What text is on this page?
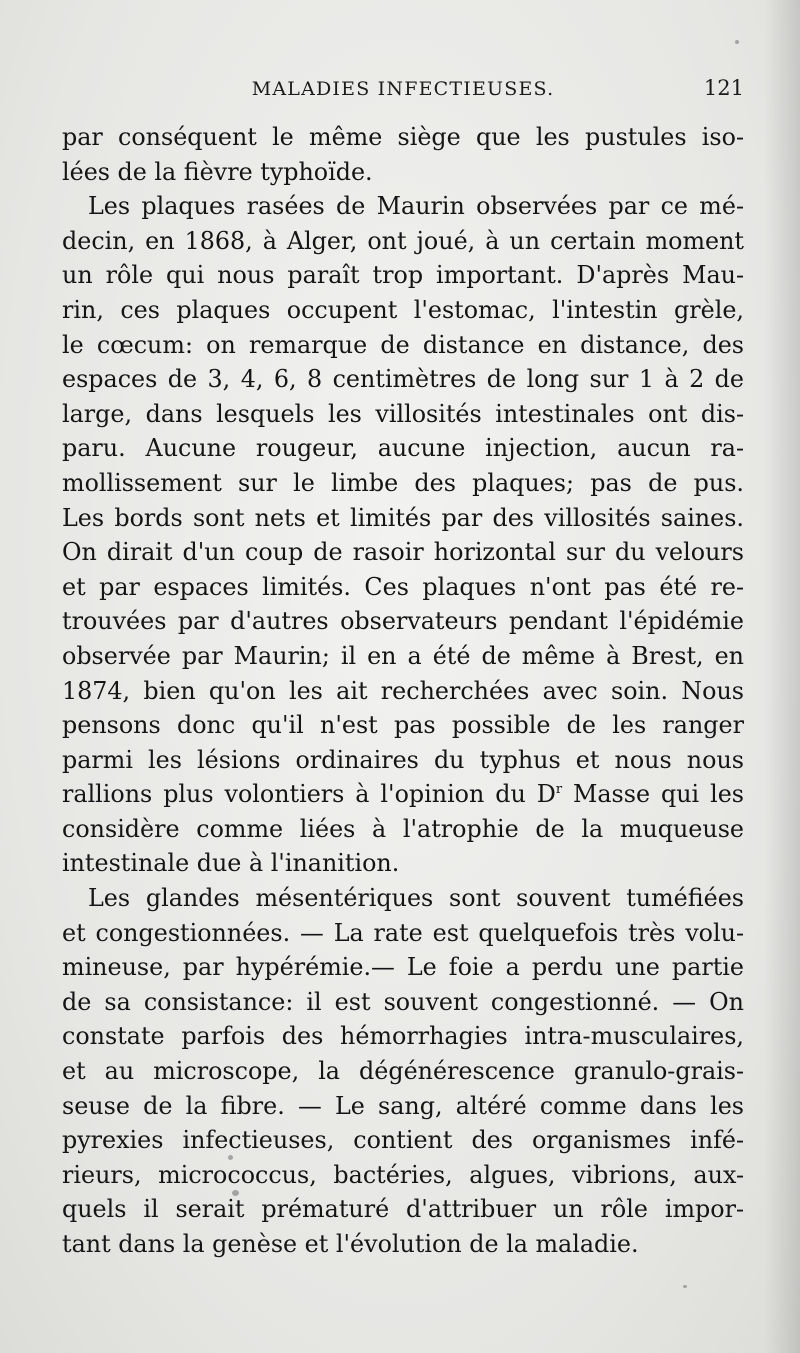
MALADIES INFECTIEUSES.	121
par conséquent le même siège que les pustules iso-
lées de la fièvre typhoïde.
Les plaques rasées de Maurin observées par ce mé-
decin, en 1868, à Alger, ont joué, à un certain moment
un rôle qui nous paraît trop important. D'après Mau-
rin, ces plaques occupent l'estomac, l'intestin grèle,
le cœcum: on remarque de distance en distance, des
espaces de 3, 4, 6, 8 centimètres de long sur 1 à 2 de
large, dans lesquels les villosités intestinales ont dis-
paru. Aucune rougeur, aucune injection, aucun ra-
mollissement sur le limbe des plaques; pas de pus.
Les bords sont nets et limités par des villosités saines.
On dirait d'un coup de rasoir horizontal sur du velours
et par espaces limités. Ces plaques n'ont pas été re-
trouvées par d'autres observateurs pendant l'épidémie
observée par Maurin; il en a été de même à Brest, en
1874, bien qu'on les ait recherchées avec soin. Nous
pensons donc qu'il n'est pas possible de les ranger
parmi les lésions ordinaires du typhus et nous nous
rallions plus volontiers à l'opinion du $D^r$ Masse qui les
considère comme liées à l'atrophie de la muqueuse
intestinale due à l'inanition.
Les glandes mésentériques sont souvent tuméfiées
et congestionnées. — La rate est quelquefois très volu-
mineuse, par hypérémie.— Le foie a perdu une partie
de sa consistance: il est souvent congestionné. — On
constate parfois des hémorrhagies intra-musculaires,
et au microscope, la dégénérescence granulo-grais-
seuse de la fibre. — Le sang, altéré comme dans les
pyrexies infectieuses, contient des organismes infé-
rieurs, micrococcus, bactéries, algues, vibrions, aux-
quels il serait prématuré d'attribuer un rôle impor-
tant dans la genèse et l'évolution de la maladie.
